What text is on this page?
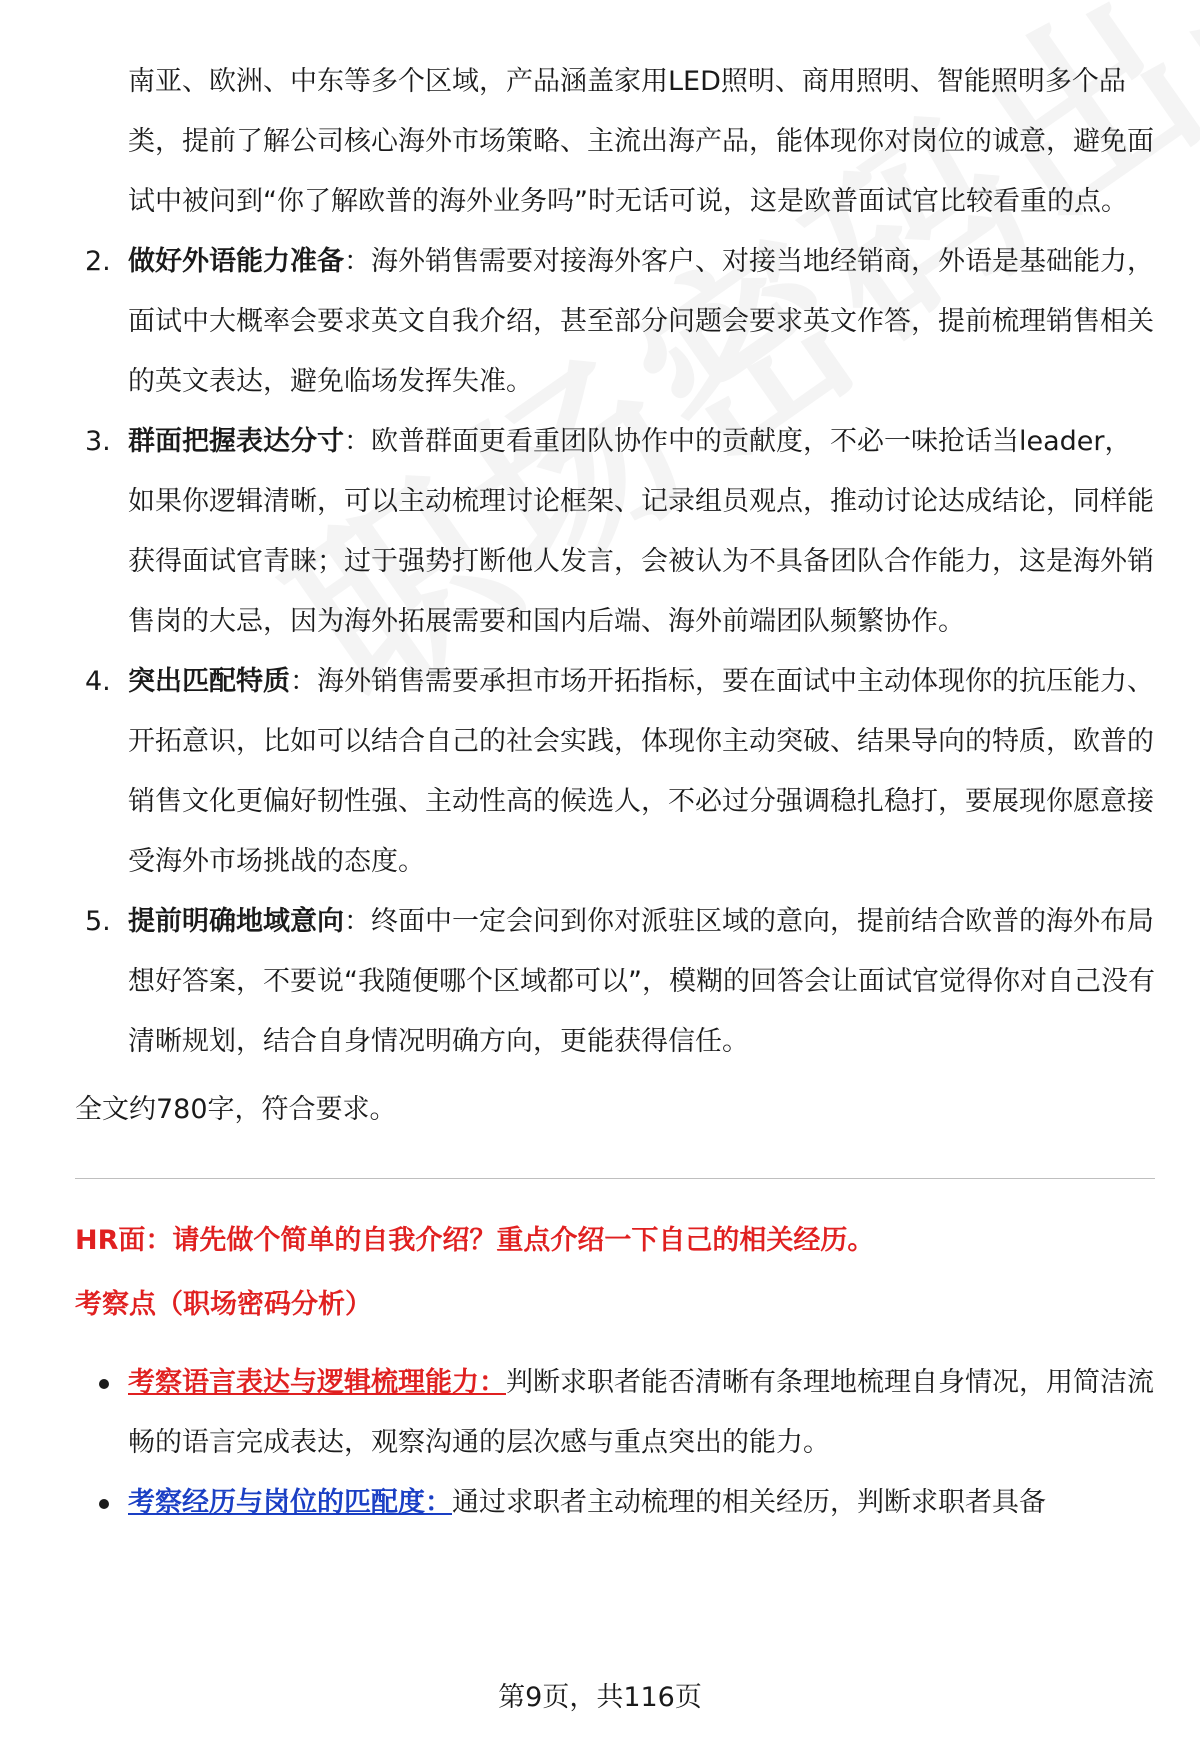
南亚、欧洲、中东等多个区域，产品涵盖家用LED照明、商用照明、智能照明多个品类，提前了解公司核心海外市场策略、主流出海产品，能体现你对岗位的诚意，避免面试中被问到“你了解欧普的海外业务吗”时无话可说，这是欧普面试官比较看重的点。

2. 做好外语能力准备：海外销售需要对接海外客户、对接当地经销商，外语是基础能力，面试中大概率会要求英文自我介绍，甚至部分问题会要求英文作答，提前梳理销售相关的英文表达，避免临场发挥失准。
3. 群面把握表达分寸：欧普群面更看重团队协作中的贡献度，不必一味抢话当leader，如果你逻辑清晰，可以主动梳理讨论框架、记录组员观点，推动讨论达成结论，同样能获得面试官青睐；过于强势打断他人发言，会被认为不具备团队合作能力，这是海外销售岗的大忌，因为海外拓展需要和国内后端、海外前端团队频繁协作。
4. 突出匹配特质：海外销售需要承担市场开拓指标，要在面试中主动体现你的抗压能力、开拓意识，比如可以结合自己的社会实践，体现你主动突破、结果导向的特质，欧普的销售文化更偏好韧性强、主动性高的候选人，不必过分强调稳扎稳打，要展现你愿意接受海外市场挑战的态度。
5. 提前明确地域意向：终面中一定会问到你对派驻区域的意向，提前结合欧普的海外布局想好答案，不要说“我随便哪个区域都可以”，模糊的回答会让面试官觉得你对自己没有清晰规划，结合自身情况明确方向，更能获得信任。

全文约780字，符合要求。

HR面：请先做个简单的自我介绍？重点介绍一下自己的相关经历。
考察点（职场密码分析）
考察语言表达与逻辑梳理能力：判断求职者能否清晰有条理地梳理自身情况，用简洁流畅的语言完成表达，观察沟通的层次感与重点突出的能力。
考察经历与岗位的匹配度：通过求职者主动梳理的相关经历，判断求职者具备
第9页，共116页
